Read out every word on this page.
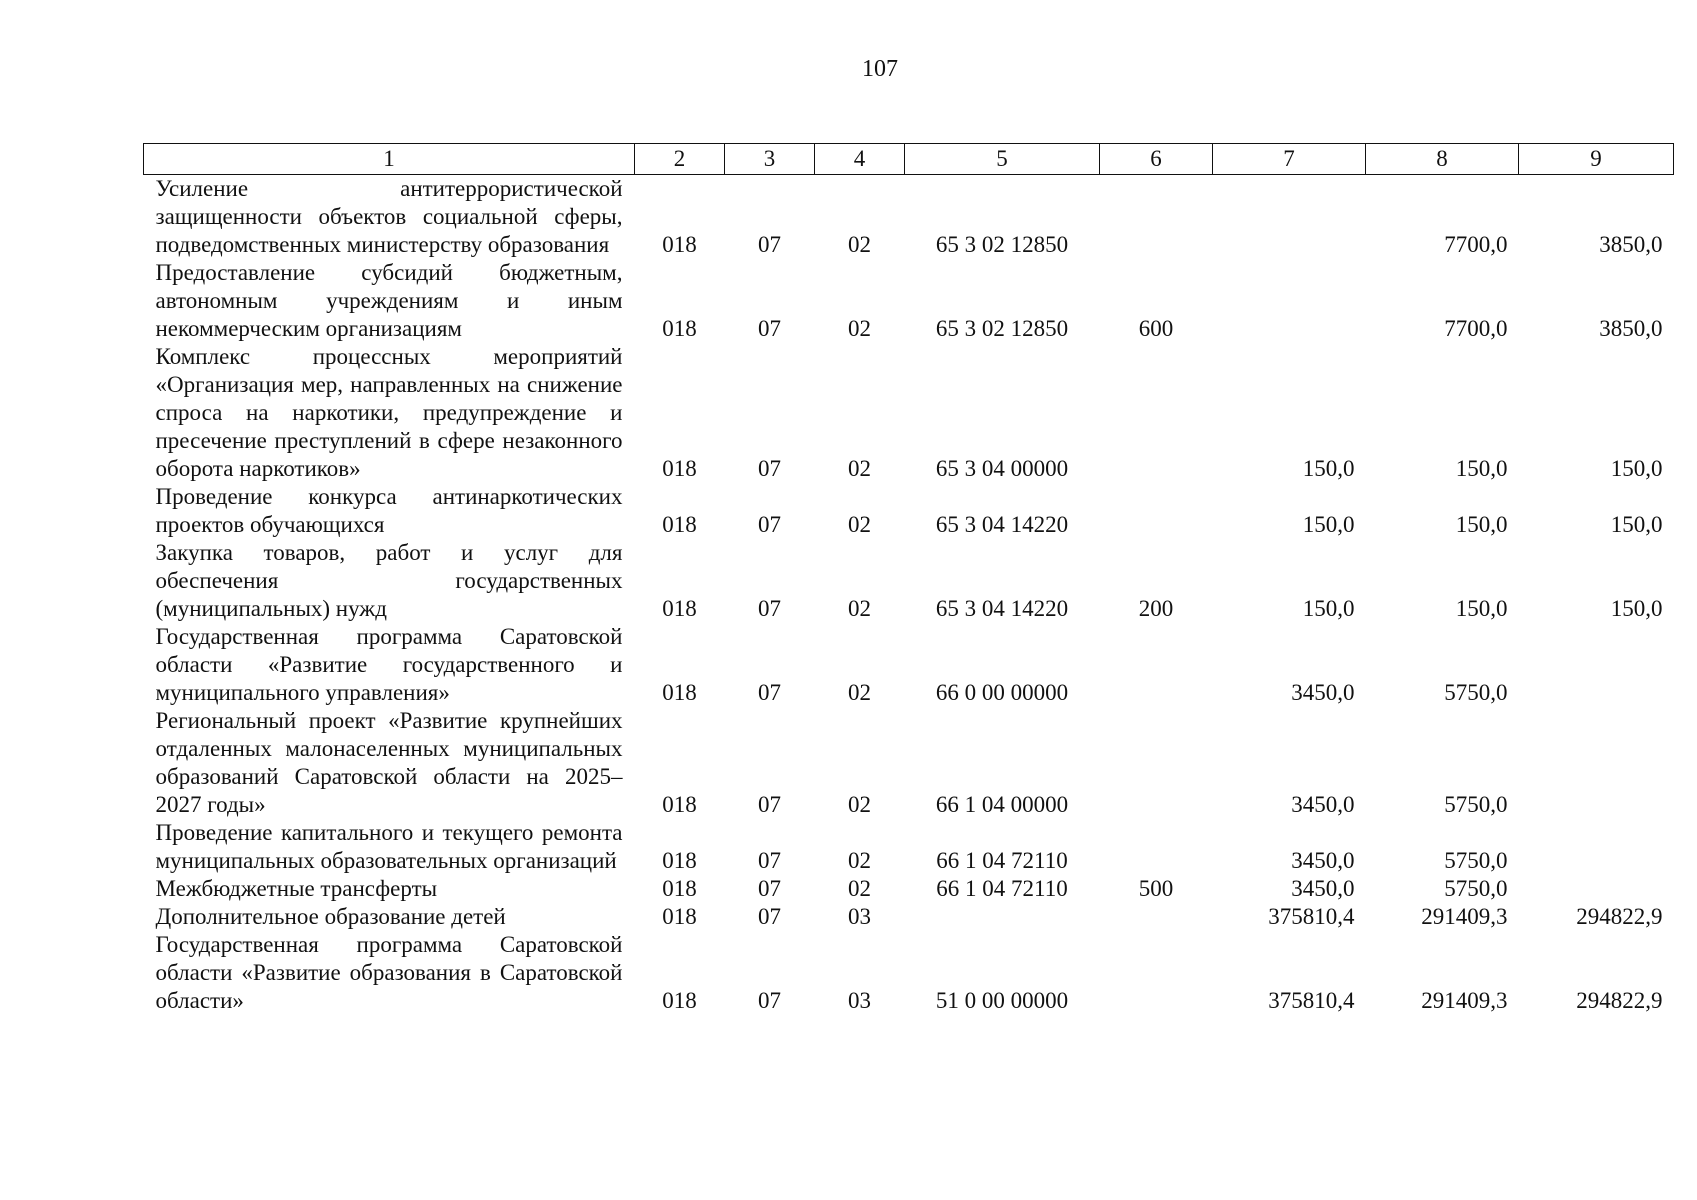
107
1	2	3	4	5	6	7	8	9
Усиление антитеррористической защищенности объектов социальной сферы, подведомственных министерству образования	018	07	02	65 3 02 12850			7700,0	3850,0
Предоставление субсидий бюджетным, автономным учреждениям и иным некоммерческим организациям	018	07	02	65 3 02 12850	600		7700,0	3850,0
Комплекс процессных мероприятий «Организация мер, направленных на снижение спроса на наркотики, предупреждение и пресечение преступлений в сфере незаконного оборота наркотиков»	018	07	02	65 3 04 00000		150,0	150,0	150,0
Проведение конкурса антинаркотических проектов обучающихся	018	07	02	65 3 04 14220		150,0	150,0	150,0
Закупка товаров, работ и услуг для обеспечения государственных (муниципальных) нужд	018	07	02	65 3 04 14220	200	150,0	150,0	150,0
Государственная программа Саратовской области «Развитие государственного и муниципального управления»	018	07	02	66 0 00 00000		3450,0	5750,0	
Региональный проект «Развитие крупнейших отдаленных малонаселенных муниципальных образований Саратовской области на 2025–2027 годы»	018	07	02	66 1 04 00000		3450,0	5750,0	
Проведение капитального и текущего ремонта муниципальных образовательных организаций	018	07	02	66 1 04 72110		3450,0	5750,0	
Межбюджетные трансферты	018	07	02	66 1 04 72110	500	3450,0	5750,0	
Дополнительное образование детей	018	07	03			375810,4	291409,3	294822,9
Государственная программа Саратовской области «Развитие образования в Саратовской области»	018	07	03	51 0 00 00000		375810,4	291409,3	294822,9
